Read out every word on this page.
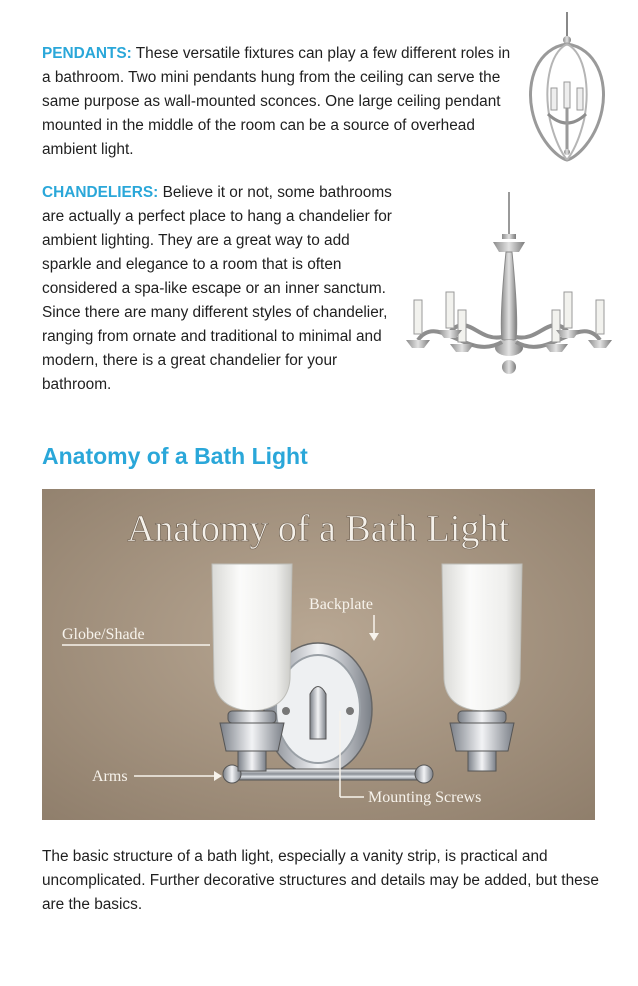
PENDANTS: These versatile fixtures can play a few different roles in a bathroom. Two mini pendants hung from the ceiling can serve the same purpose as wall-mounted sconces. One large ceiling pendant mounted in the middle of the room can be a source of overhead ambient light.

CHANDELIERS: Believe it or not, some bathrooms are actually a perfect place to hang a chandelier for ambient lighting. They are a great way to add sparkle and elegance to a room that is often considered a spa-like escape or an inner sanctum. Since there are many different styles of chandelier, ranging from ornate and traditional to minimal and modern, there is a great chandelier for your bathroom.

Anatomy of a Bath Light
Anatomy of a Bath Light
Globe/Shade
Backplate
Arms
Mounting Screws

The basic structure of a bath light, especially a vanity strip, is practical and uncomplicated. Further decorative structures and details may be added, but these are the basics.
